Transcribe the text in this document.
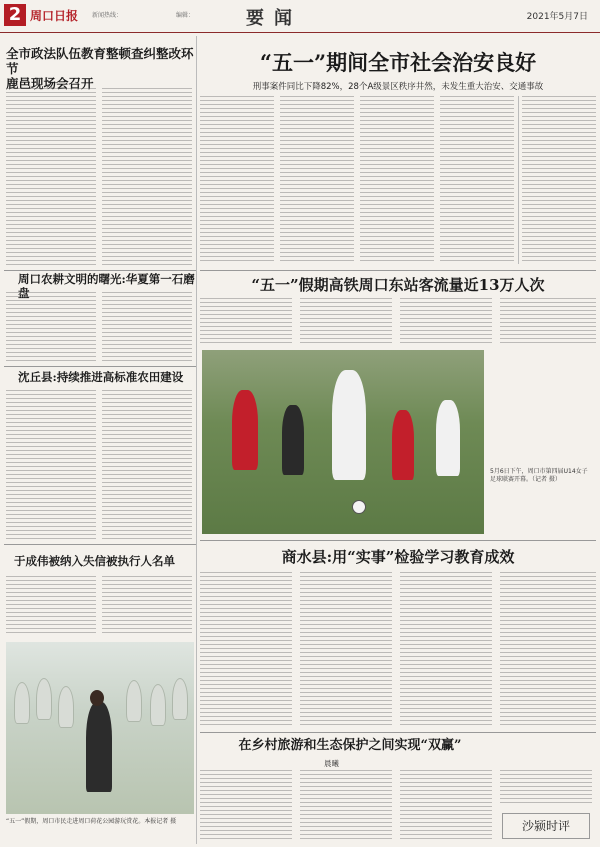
2 周口日报 新闻热线：	编辑：	要闻	2021年5月7日
全市政法队伍教育整顿查纠整改环节
鹿邑现场会召开
周口农耕文明的曙光:华夏第一石磨盘
沈丘县:持续推进高标准农田建设
于成伟被纳入失信被执行人名单
“五一”假期，周口市民走进周口荷花公园游玩赏花。本报记者 摄
“五一”期间全市社会治安良好
刑事案件同比下降82%，28个A级景区秩序井然，未发生重大治安、交通事故
“五一”假期高铁周口东站客流量近13万人次
5月6日下午，周口市第四届U14女子足球联赛开幕。（记者 摄）
商水县:用“实事”检验学习教育成效
在乡村旅游和生态保护之间实现“双赢”
晨曦
沙颍时评
